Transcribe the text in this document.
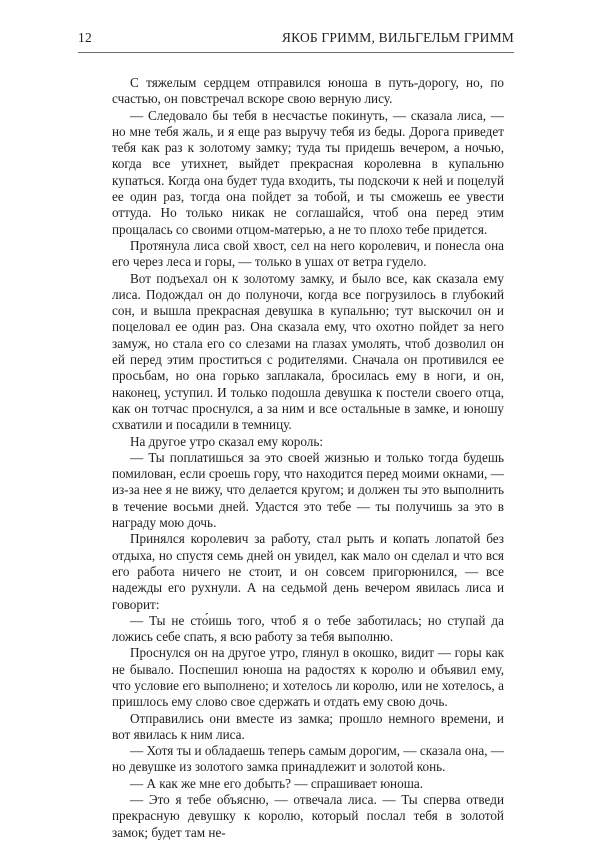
12	ЯКОБ ГРИММ, ВИЛЬГЕЛЬМ ГРИММ

С тяжелым сердцем отправился юноша в путь-дорогу, но, по счастью, он повстречал вскоре свою верную лису.

— Следовало бы тебя в несчастье покинуть, — сказала лиса, — но мне тебя жаль, и я еще раз выручу тебя из беды. Дорога приведет тебя как раз к золотому замку; туда ты придешь вечером, а ночью, когда все утихнет, выйдет прекрасная королевна в купальню купаться. Когда она будет туда входить, ты подскочи к ней и поцелуй ее один раз, тогда она пойдет за тобой, и ты сможешь ее увести оттуда. Но только никак не соглашайся, чтоб она перед этим прощалась со своими отцом-матерью, а не то плохо тебе придется.

Протянула лиса свой хвост, сел на него королевич, и понесла она его через леса и горы, — только в ушах от ветра гудело.

Вот подъехал он к золотому замку, и было все, как сказала ему лиса. Подождал он до полуночи, когда все погрузилось в глубокий сон, и вышла прекрасная девушка в купальню; тут выскочил он и поцеловал ее один раз. Она сказала ему, что охотно пойдет за него замуж, но стала его со слезами на глазах умолять, чтоб дозволил он ей перед этим проститься с родителями. Сначала он противился ее просьбам, но она горько заплакала, бросилась ему в ноги, и он, наконец, уступил. И только подошла девушка к постели своего отца, как он тотчас проснулся, а за ним и все остальные в замке, и юношу схватили и посадили в темницу.

На другое утро сказал ему король:

— Ты поплатишься за это своей жизнью и только тогда будешь помилован, если сроешь гору, что находится перед моими окнами, — из-за нее я не вижу, что делается кругом; и должен ты это выполнить в течение восьми дней. Удастся это тебе — ты получишь за это в награду мою дочь.

Принялся королевич за работу, стал рыть и копать лопатой без отдыха, но спустя семь дней он увидел, как мало он сделал и что вся его работа ничего не стоит, и он совсем пригорюнился, — все надежды его рухнули. А на седьмой день вечером явилась лиса и говорит:

— Ты не сто́ишь того, чтоб я о тебе заботилась; но ступай да ложись себе спать, я всю работу за тебя выполню.

Проснулся он на другое утро, глянул в окошко, видит — горы как не бывало. Поспешил юноша на радостях к королю и объявил ему, что условие его выполнено; и хотелось ли королю, или не хотелось, а пришлось ему слово свое сдержать и отдать ему свою дочь.

Отправились они вместе из замка; прошло немного времени, и вот явилась к ним лиса.

— Хотя ты и обладаешь теперь самым дорогим, — сказала она, — но девушке из золотого замка принадлежит и золотой конь.

— А как же мне его добыть? — спрашивает юноша.

— Это я тебе объясню, — отвечала лиса. — Ты сперва отведи прекрасную девушку к королю, который послал тебя в золотой замок; будет там не-
